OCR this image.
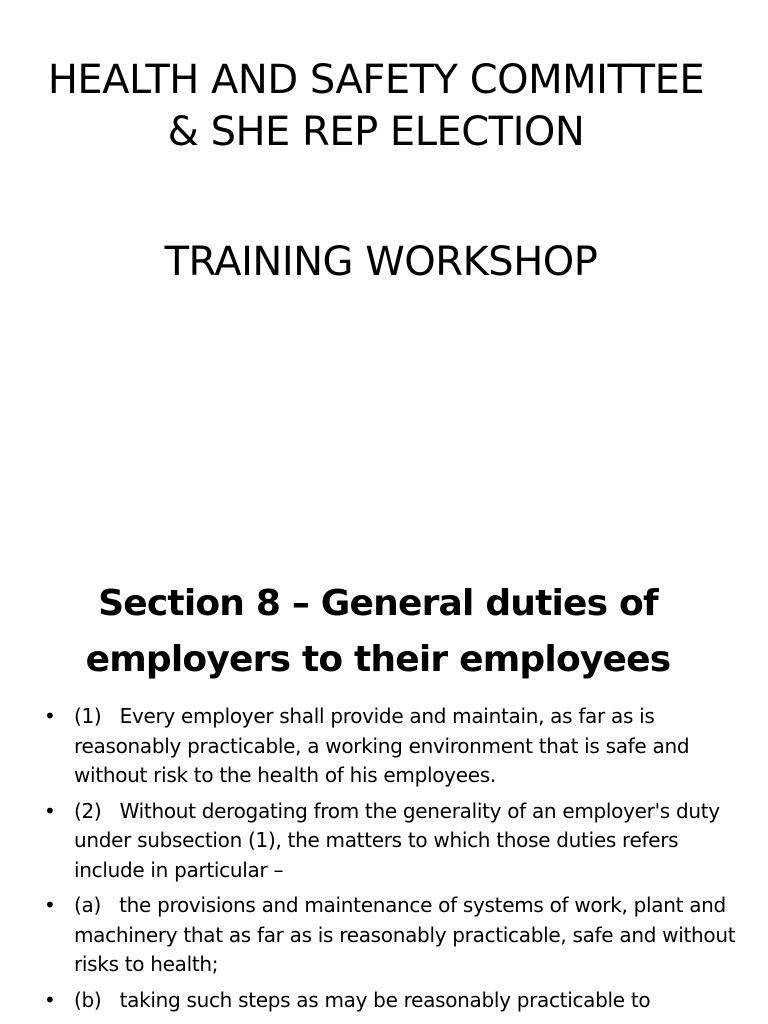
HEALTH AND SAFETY COMMITTEE
& SHE REP ELECTION
TRAINING WORKSHOP
Section 8 – General duties of
employers to their employees
• (1)   Every employer shall provide and maintain, as far as is reasonably practicable, a working environment that is safe and without risk to the health of his employees.
• (2)   Without derogating from the generality of an employer's duty under subsection (1), the matters to which those duties refers include in particular –
• (a)   the provisions and maintenance of systems of work, plant and machinery that as far as is reasonably practicable, safe and without risks to health;
• (b)   taking such steps as may be reasonably practicable to
